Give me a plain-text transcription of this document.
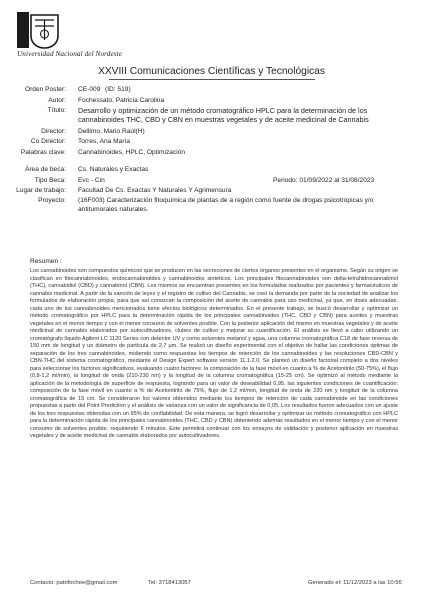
Universidad Nacional del Nordeste
XXVIII Comunicaciones Científicas y Tecnológicas
Orden Poster: CE-009 (ID: 519)
Autor: Fochessato, Patricia Carolina
Título: Desarrollo y optimización de un método cromatográfico HPLC para la determinación de los cannabinoides THC, CBD y CBN en muestras vegetales y de aceite medicinal de Cannabis
Director: Dellimo, Mario Raúl(H)
Co Director: Torres, Ana María
Palabras clave: Cannabinoides, HPLC, Optimización
Área de beca: Cs. Naturales y Exactas
Tipo Beca: Evc - Cin	Periodo: 01/09/2022 al 31/08/2023
Lugar de trabajo: Facultad De Cs. Exactas Y Naturales Y Agrimensura
Proyecto: (16F003) Caracterización fitoquímica de plantas de a región como fuente de drogas psicotrópicas y/o antitumorales naturales.
Resumen :
Los cannabinoides son compuestos químicos que se producen en las secreciones de ciertos órganos presentes en el organismo. Según su origen se clasifican en fitocannabinoides, endocannabinoides y cannabinoides sintéticos. Los principales fitocannabinoides son delta-tetrahidrocannabinol (THC), cannabidiol (CBD) y cannabinol (CBN). Los mismos se encuentran presentes en los formulados realizados por pacientes y farmacéuticos de cannabis medicinal. A partir de la sanción de leyes y el registro de cultivo del Cannabis, se creó la demanda por parte de la sociedad de analizar los formulados de elaboración propia, para que así conozcan la composición del aceite de cannabis para uso medicinal, ya que, en dosis adecuadas, cada uno de los cannabinoides mencionados tiene efectos biológicos determinados. En el presente trabajo, se buscó desarrollar y optimizar un método cromatográfico por HPLC para la determinación rápida de los principales cannabinoides (THC, CBD y CBN) para aceites y muestras vegetales en el menor tiempo y con el menor consumo de solventes posible. Con la posterior aplicación del mismo en muestras vegetales y de aceite medicinal de cannabis elaborados por autocultivadores, clubes de cultivo y mejorar su cuantificación. El análisis se llevó a cabo utilizando un cromatógrafo líquido Agilent LC 1120 Series con detector UV y como solventes metanol y agua, una columna cromatográfica C18 de fase reversa de 150 mm de longitud y un diámetro de partícula de 2,7 μm. Se realizó un diseño experimental con el objetivo de hallar las condiciones óptimas de separación de los tres cannabinoides, midiendo como respuestas los tiempos de retención de los cannabinoides y las resoluciones CBD-CBN y CBN-THC del sistema cromatográfico, mediante el Design Expert software versión 11.1.2.0. Se planteó un diseño factorial completo a dos niveles para seleccionar los factores significativos, evaluando cuatro factores: la composición de la fase móvil en cuanto a % de Acetonitrilo (50-75%), el flujo (0,8-1,2 ml/min), la longitud de onda (210-230 nm) y la longitud de la columna cromatográfica (15-25 cm). Se optimizó al método mediante la aplicación de la metodología de superficie de respuesta, logrando para un valor de deseabilidad 0,95. las siguientes condiciones de cuantificación: composición de la fase móvil en cuanto a % de Acetonitrilo de 75%, flujo de 1,2 ml/min, longitud de onda de 220 nm y longitud de la columna cromatográfica de 15 cm. Se consideraron los valores obtenidos mediante los tiempos de retención de cada cannabinoide en las condiciones propuestas a partir del Point Prediction y el análisis de varianza con un valor de significancia de 0,05. Los resultados fueron adecuados con un ajuste de los tres respuestas obtenidas con un 95% de confiabilidad. De esta manera, se logró desarrollar y optimizar un método cromatográfico con HPLC para la determinación rápida de los principales cannabinoides (THC, CBD y CBN) obteniendo además resultados en el menor tiempo y con el menor consumo de solventes posible, requiriendo 6 minutos. Este permitirá continuar con los ensayos de validación y posterior aplicación en muestras vegetales y de aceite medicinal de cannabis elaborados por autocultivadores.
Contacto: patrifochee@gmail.com	Tel: 3718413057	Generado el: 11/12/2023 a las 10:56
